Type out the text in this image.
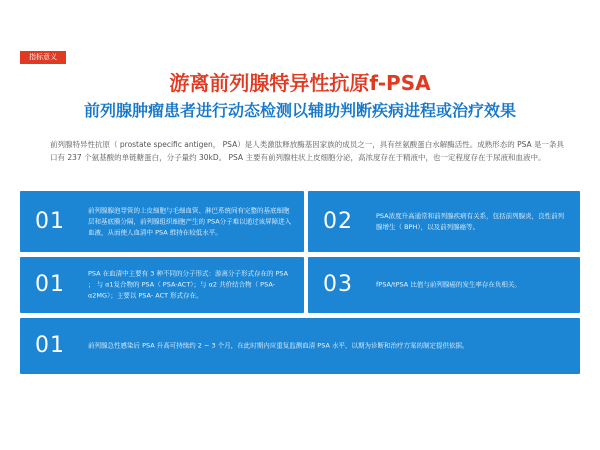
指标意义
游离前列腺特异性抗原f-PSA
前列腺肿瘤患者进行动态检测以辅助判断疾病进程或治疗效果
前列腺特异性抗原（ prostate specific antigen， PSA）是人类激肽释放酶基因家族的成员之一，具有丝氨酸蛋白水解酶活性。成熟形态的 PSA 是一条具口有 237 个氨基酸的单链糖蛋白，分子量约 30kD。 PSA 主要有前列腺柱状上皮细胞分泌，高浓度存在于精液中，也一定程度存在于尿液和血液中。
01	前列腺腺泡导管的上皮细胞与毛细血管、淋巴系统间有完整的基底细胞层和基底膜分隔，前列腺组织细胞产生的 PSA分子难以通过该屏障进入血液，从而使人血清中 PSA 维持在较低水平。	02	PSA浓度升高通常和前列腺疾病有关系，包括前列腺炎，良性前列腺增生（ BPH），以及前列腺癌等。
01	PSA 在血清中主要有 3 种不同的分子形式：游离分子形式存在的 PSA ； 与 α1复合物的 PSA（ PSA-ACT）；与 α2 共价结合物（ PSA-α2MG）；主要以 PSA- ACT 形式存在。	03	fPSA/tPSA 比值与前列腺癌的发生率存在负相关。
01	前列腺急性感染后 PSA 升高可持续约 2 ~ 3 个月，在此时期内应重复监测血清 PSA 水平，以期为诊断和治疗方案的制定提供依据。
